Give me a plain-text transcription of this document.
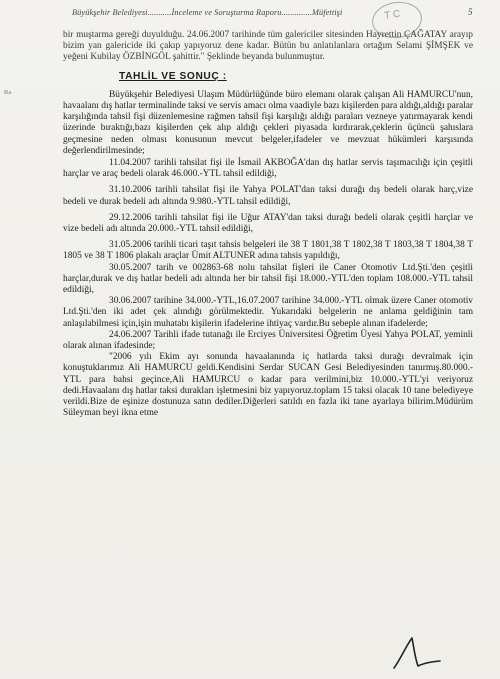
Büyükşehir Belediyesi...........İnceleme ve Soruşturma Raporu..............Müfettişi	5
T C
Ra

bir muştarma gereği duyulduğu. 24.06.2007 tarihinde tüm galericiler sitesinden Hayrettin ÇAĞATAY arayıp bizim yan galericide iki çakıp yapıyoruz dene kadar. Bütün bu anlatılanlara ortağım Selami ŞİMŞEK ve yeğeni Kubilay ÖZBİNGÖL şahittir." Şeklinde beyanda bulunmuştur.

TAHLİL VE SONUÇ :

Büyükşehir Belediyesi Ulaşım Müdürlüğünde büro elemanı olarak çalışan Ali HAMURCU'nun, havaalanı dış hatlar terminalinde taksi ve servis amacı olma vaadiyle bazı kişilerden para aldığı,aldığı paralar karşılığında tahsil fişi düzenlemesine rağmen tahsil fişi karşılığı aldığı paraları vezneye yatırmayarak kendi üzerinde bıraktığı,bazı kişilerden çek alıp aldığı çekleri piyasada kırdırarak,çeklerin üçüncü şahıslara geçmesine neden olması konusunun mevcut belgeler,ifadeler ve mevzuat hükümleri karşısında değerlendirilmesinde;

11.04.2007 tarihli tahsilat fişi ile İsmail AKBOĞA'dan dış hatlar servis taşımacılığı için çeşitli harçlar ve araç bedeli olarak 46.000.-YTL tahsil edildiği,

31.10.2006 tarihli tahsilat fişi ile Yahya POLAT'dan taksi durağı dış bedeli olarak harç,vize bedeli ve durak bedeli adı altında 9.980.-YTL tahsil edildiği,

29.12.2006 tarihli tahsilat fişi ile Uğur ATAY'dan taksi durağı bedeli olarak çeşitli harçlar ve vize bedeli adı altında 20.000.-YTL tahsil edildiği,

31.05.2006 tarihli ticari taşıt tahsis belgeleri ile 38 T 1801,38 T 1802,38 T 1803,38 T 1804,38 T 1805 ve 38 T 1806 plakalı araçlar Ümit ALTUNER adına tahsis yapıldığı,

30.05.2007 tarih ve 002863-68 nolu tahsilat fişleri ile Caner Otomotiv Ltd.Şti.'den çeşitli harçlar,durak ve dış hatlar bedeli adı altında her bir tahsil fişi 18.000.-YTL'den toplam 108.000.-YTL tahsil edildiği,

30.06.2007 tarihine 34.000.-YTL,16.07.2007 tarihine 34.000.-YTL olmak üzere Caner otomotiv Ltd.Şti.'den iki adet çek alındığı görülmektedir. Yukarıdaki belgelerin ne anlama geldiğinin tam anlaşılabilmesi için,işin muhatabı kişilerin ifadelerine ihtiyaç vardır.Bu sebeple alınan ifadelerde;

24.06.2007 Tarihli ifade tutanağı ile Erciyes Üniversitesi Öğretim Üyesi Yahya POLAT, yeminli olarak alınan ifadesinde;

"2006 yılı Ekim ayı sonunda havaalanında iç hatlarda taksi durağı devralmak için konuştuklarımız Ali HAMURCU geldi.Kendisini Serdar SUCAN Gesi Belediyesinden tanırmış.80.000.-YTL para bahsi geçince,Ali HAMURCU o kadar para verilmini,biz 10.000.-YTL'yi veriyoruz dedi.Havaalanı dış hatlar taksi durakları işletmesini biz yapıyoruz.toplam 15 taksi olacak 10 tane belediyeye verildi.Bize de eşinize dostunuza satın dediler.Diğerleri satıldı en fazla iki tane ayarlaya bilirim.Müdürüm Süleyman beyi ikna etme
